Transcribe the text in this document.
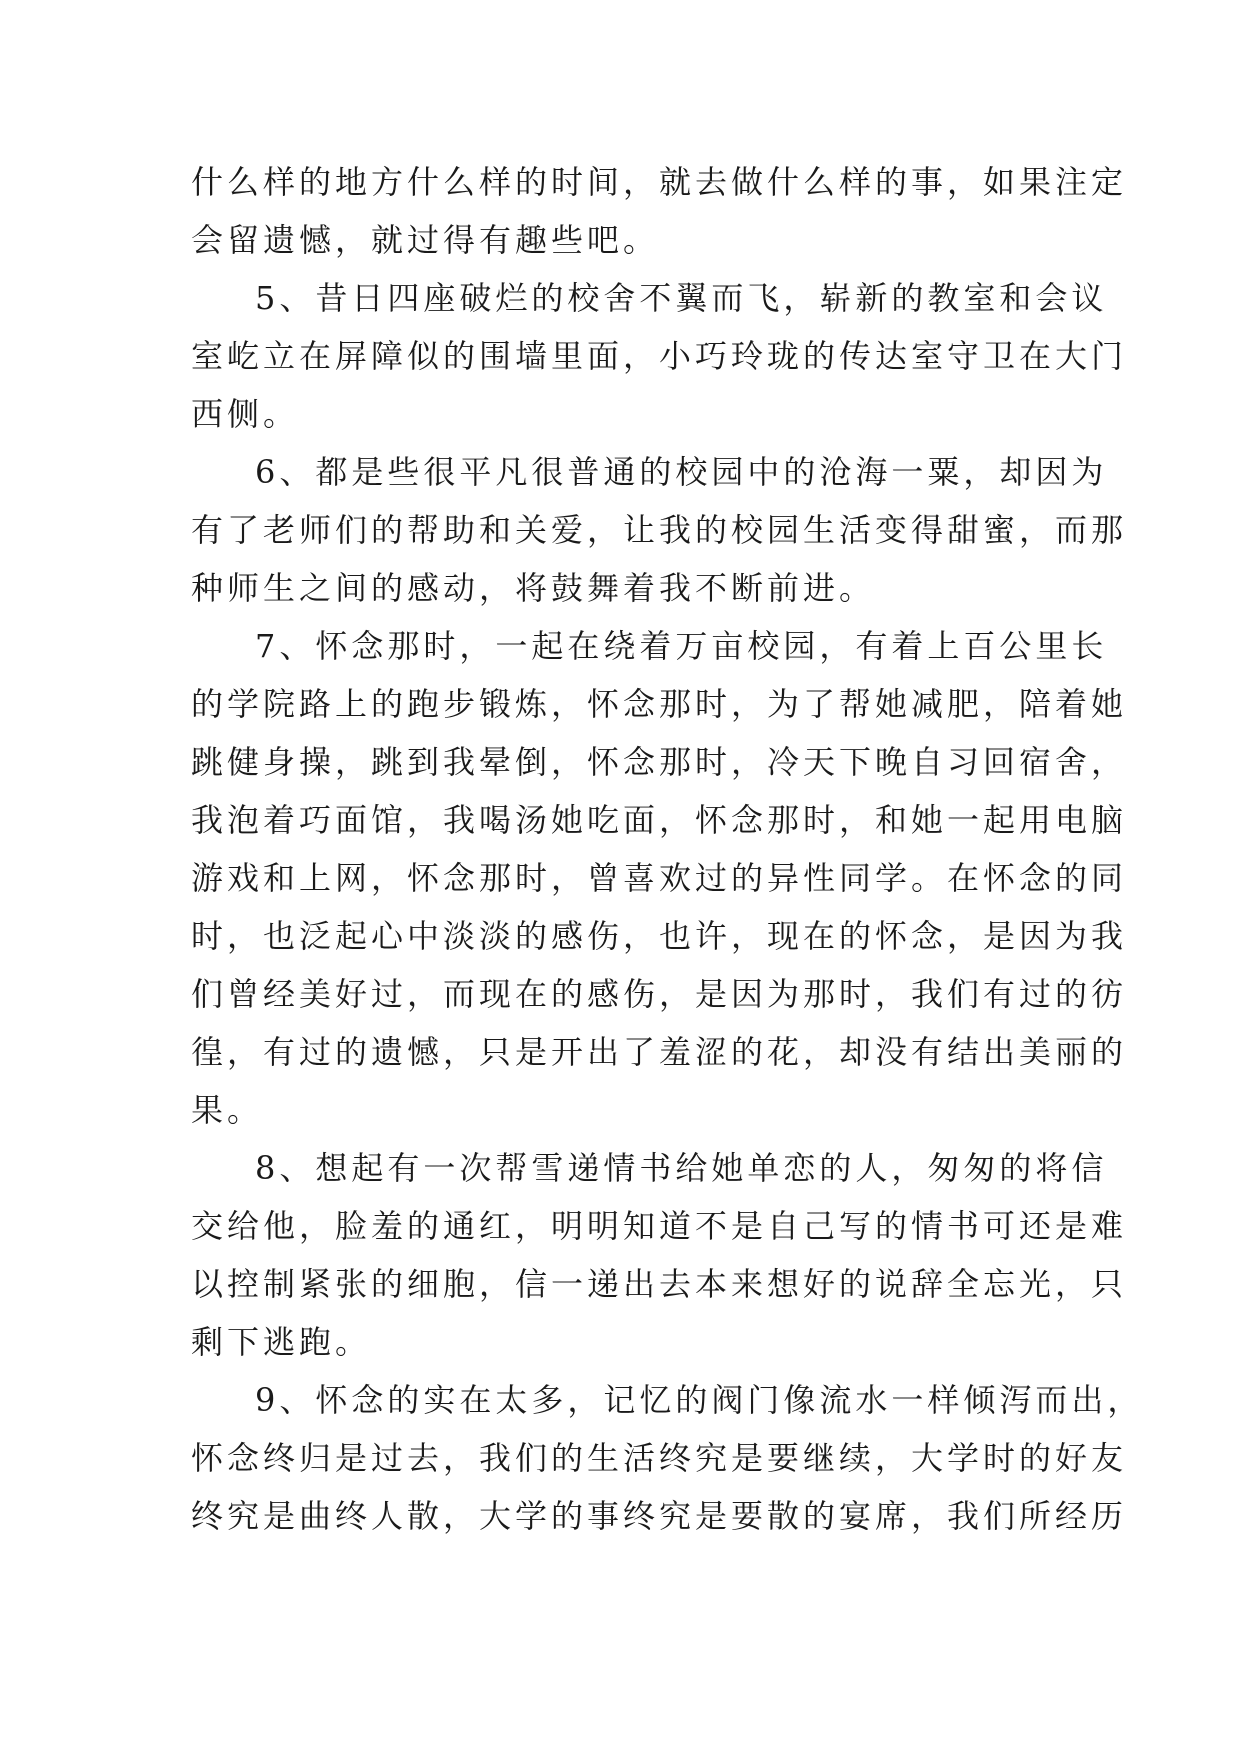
什么样的地方什么样的时间，就去做什么样的事，如果注定
会留遗憾，就过得有趣些吧。

5、昔日四座破烂的校舍不翼而飞，崭新的教室和会议
室屹立在屏障似的围墙里面，小巧玲珑的传达室守卫在大门
西侧。

6、都是些很平凡很普通的校园中的沧海一粟，却因为
有了老师们的帮助和关爱，让我的校园生活变得甜蜜，而那
种师生之间的感动，将鼓舞着我不断前进。

7、怀念那时，一起在绕着万亩校园，有着上百公里长
的学院路上的跑步锻炼，怀念那时，为了帮她减肥，陪着她
跳健身操，跳到我晕倒，怀念那时，冷天下晚自习回宿舍，
我泡着巧面馆，我喝汤她吃面，怀念那时，和她一起用电脑
游戏和上网，怀念那时，曾喜欢过的异性同学。在怀念的同
时，也泛起心中淡淡的感伤，也许，现在的怀念，是因为我
们曾经美好过，而现在的感伤，是因为那时，我们有过的彷
徨，有过的遗憾，只是开出了羞涩的花，却没有结出美丽的
果。

8、想起有一次帮雪递情书给她单恋的人，匆匆的将信
交给他，脸羞的通红，明明知道不是自己写的情书可还是难
以控制紧张的细胞，信一递出去本来想好的说辞全忘光，只
剩下逃跑。

9、怀念的实在太多，记忆的阀门像流水一样倾泻而出，
怀念终归是过去，我们的生活终究是要继续，大学时的好友
终究是曲终人散，大学的事终究是要散的宴席，我们所经历
